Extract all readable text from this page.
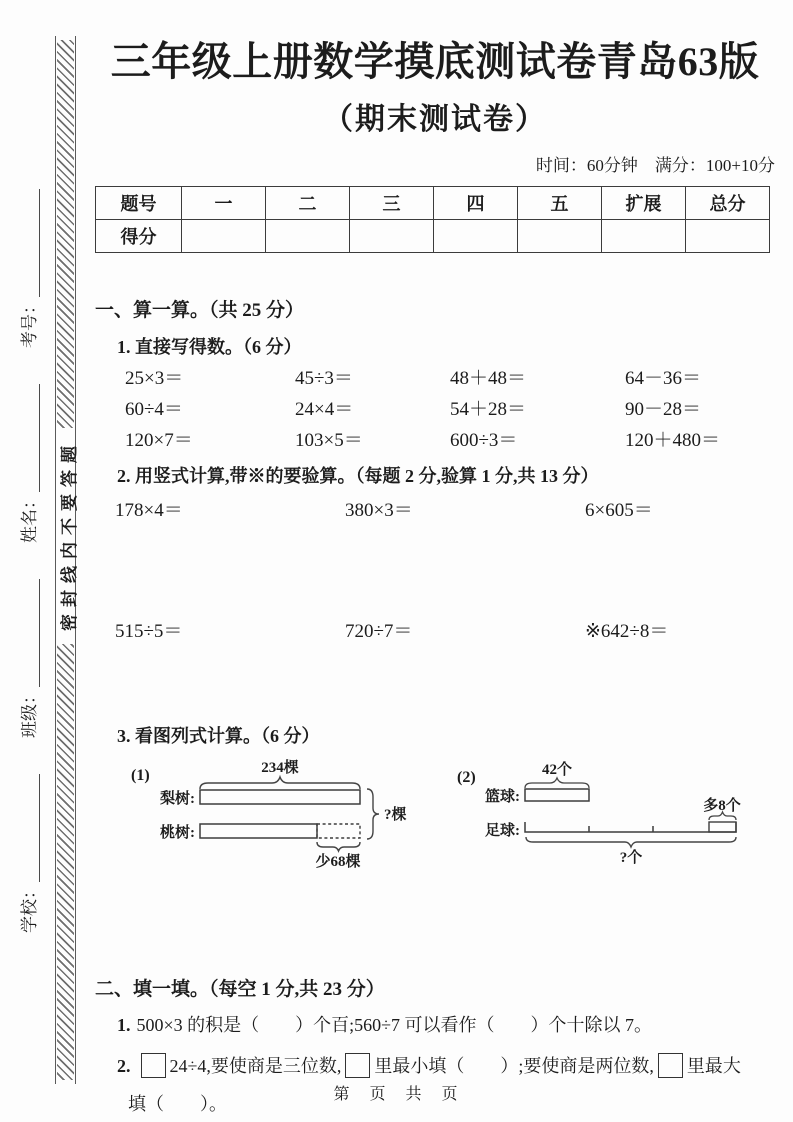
学校：
班级：
姓名：
考号：
密封线内不要答题
三年级上册数学摸底测试卷青岛63版
（期末测试卷）
时间：60分钟　满分：100+10分
题号	一	二	三	四	五	扩展	总分
得分							
一、算一算。（共 25 分）
1. 直接写得数。（6 分）
25×3＝	45÷3＝	48＋48＝	64－36＝
60÷4＝	24×4＝	54＋28＝	90－28＝
120×7＝	103×5＝	600÷3＝	120＋480＝
2. 用竖式计算,带※的要验算。（每题 2 分,验算 1 分,共 13 分）
178×4＝	380×3＝	6×605＝
515÷5＝	720÷7＝	※642÷8＝
3. 看图列式计算。（6 分）
(1)	234棵
梨树:
桃树:
?棵
少68棵
(2)	42个
篮球:
多8个
足球:
?个
二、填一填。（每空 1 分,共 23 分）
1. 500×3 的积是（　　）个百;560÷7 可以看作（　　）个十除以 7。
2. 24÷4,要使商是三位数, 里最小填（　　）;要使商是两位数, 里最大
填（　　）。	第　页　共　页
